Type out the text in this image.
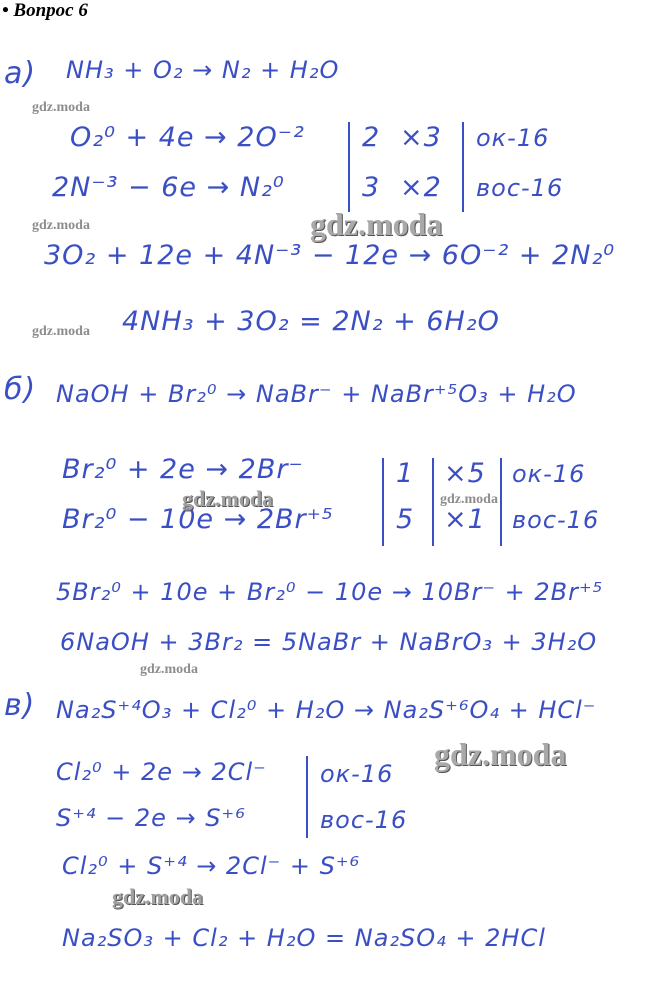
• Вопрос 6
а) NH₃ + O₂ → N₂ + H₂O
gdz.moda
O₂⁰ + 4e → 2O⁻²
2N⁻³ − 6e → N₂⁰
2
3
×3
×2
ок-16
вос-16
gdz.moda	gdz.moda
3O₂ + 12e + 4N⁻³ − 12e → 6O⁻² + 2N₂⁰
gdz.moda 4NH₃ + 3O₂ = 2N₂ + 6H₂O
б) NaOH + Br₂⁰ → NaBr⁻ + NaBr⁺⁵O₃ + H₂O
Br₂⁰ + 2e → 2Br⁻
Br₂⁰ − 10e → 2Br⁺⁵
gdz.moda
1
5
×5
×1
gdz.moda
ок-16
вос-16
5Br₂⁰ + 10e + Br₂⁰ − 10e → 10Br⁻ + 2Br⁺⁵
6NaOH + 3Br₂ = 5NaBr + NaBrO₃ + 3H₂O
gdz.moda
в) Na₂S⁺⁴O₃ + Cl₂⁰ + H₂O → Na₂S⁺⁶O₄ + HCl⁻
gdz.moda
Cl₂⁰ + 2e → 2Cl⁻
S⁺⁴ − 2e → S⁺⁶
ок-16
вос-16
Cl₂⁰ + S⁺⁴ → 2Cl⁻ + S⁺⁶
gdz.moda
Na₂SO₃ + Cl₂ + H₂O = Na₂SO₄ + 2HCl
